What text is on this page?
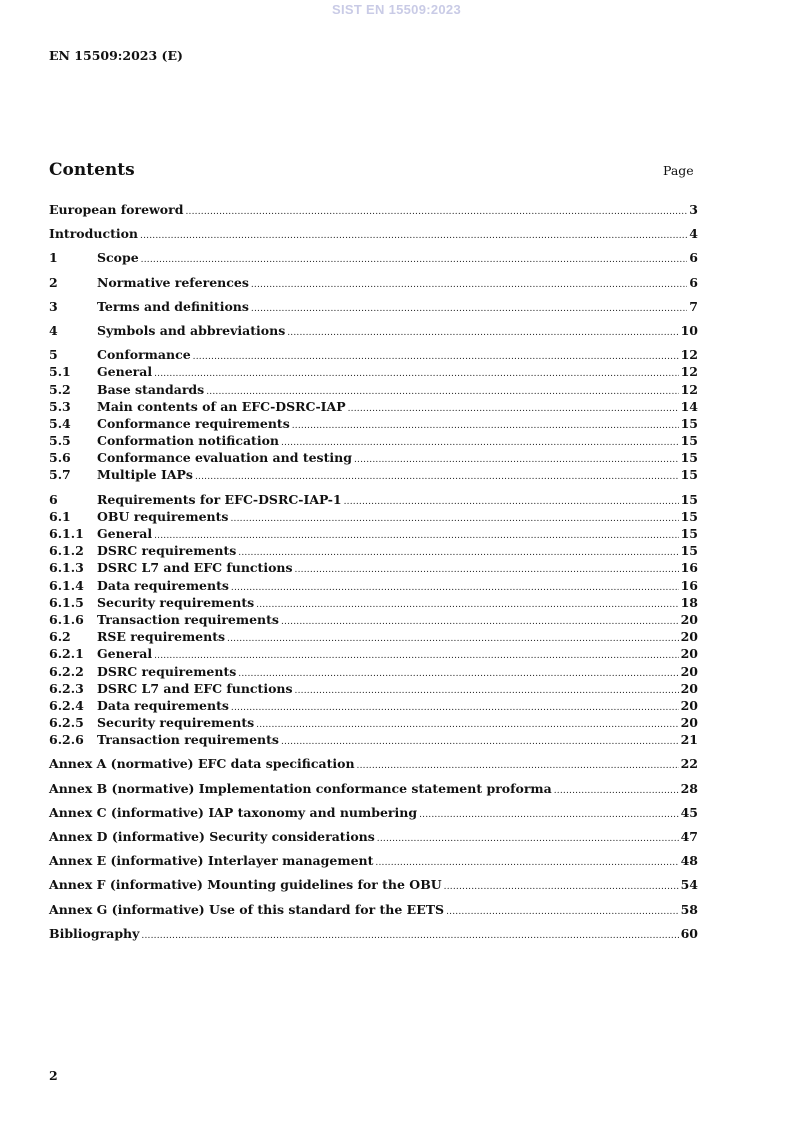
SIST EN 15509:2023
EN 15509:2023 (E)
Contents	Page
European foreword .....	3
Introduction .....	4
1	Scope .....	6
2	Normative references .....	6
3	Terms and definitions .....	7
4	Symbols and abbreviations .....	10
5	Conformance .....	12
5.1	General .....	12
5.2	Base standards .....	12
5.3	Main contents of an EFC-DSRC-IAP .....	14
5.4	Conformance requirements .....	15
5.5	Conformation notification .....	15
5.6	Conformance evaluation and testing .....	15
5.7	Multiple IAPs .....	15
6	Requirements for EFC-DSRC-IAP-1 .....	15
6.1	OBU requirements .....	15
6.1.1	General .....	15
6.1.2	DSRC requirements .....	15
6.1.3	DSRC L7 and EFC functions .....	16
6.1.4	Data requirements .....	16
6.1.5	Security requirements .....	18
6.1.6	Transaction requirements .....	20
6.2	RSE requirements .....	20
6.2.1	General .....	20
6.2.2	DSRC requirements .....	20
6.2.3	DSRC L7 and EFC functions .....	20
6.2.4	Data requirements .....	20
6.2.5	Security requirements .....	20
6.2.6	Transaction requirements .....	21
Annex A (normative) EFC data specification .....	22
Annex B (normative) Implementation conformance statement proforma .....	28
Annex C (informative) IAP taxonomy and numbering .....	45
Annex D (informative) Security considerations .....	47
Annex E (informative) Interlayer management .....	48
Annex F (informative) Mounting guidelines for the OBU .....	54
Annex G (informative) Use of this standard for the EETS .....	58
Bibliography .....	60
2
